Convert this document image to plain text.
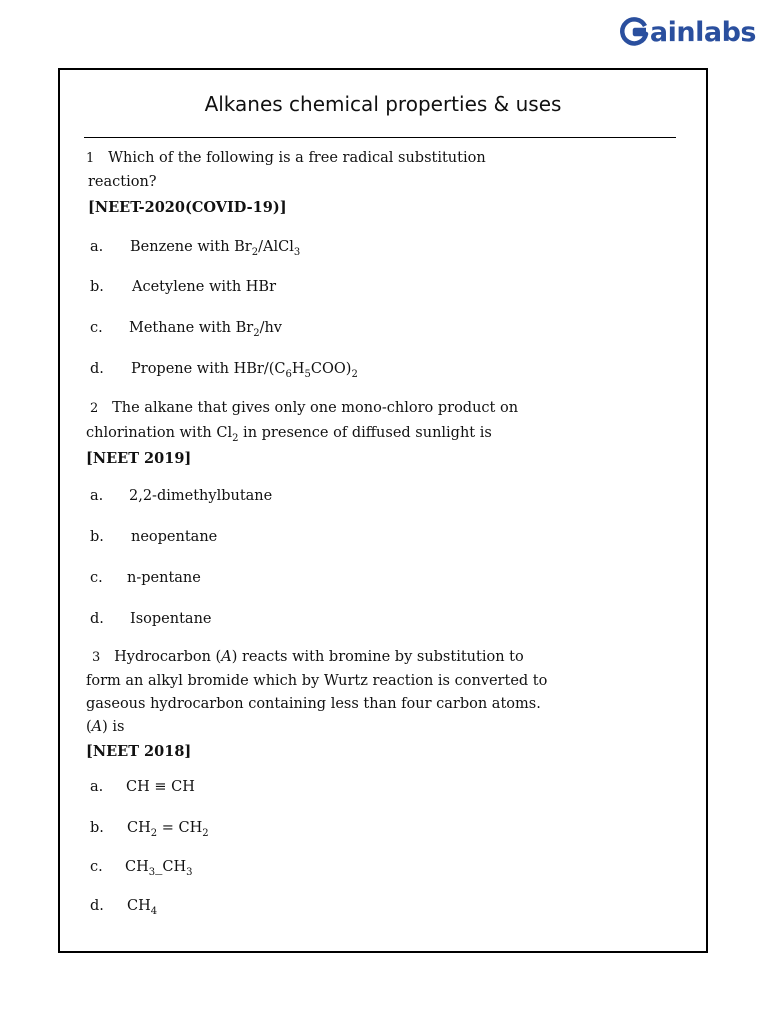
ainlabs
Alkanes chemical properties & uses
1 Which of the following is a free radical substitution
reaction?
[NEET-2020(COVID-19)]
a. Benzene with $Br_2/AlCl_3$
b. Acetylene with HBr
c. Methane with $Br_2/hv$
d. Propene with HBr/$(C_6H_5COO)_2$
2 The alkane that gives only one mono-chloro product on
chlorination with $Cl_2$ in presence of diffused sunlight is
[NEET 2019]
a. 2,2-dimethylbutane
b. neopentane
c. n-pentane
d. Isopentane
3 Hydrocarbon (A) reacts with bromine by substitution to
form an alkyl bromide which by Wurtz reaction is converted to
gaseous hydrocarbon containing less than four carbon atoms.
(A) is
[NEET 2018]
a. CH ≡ CH
b. $CH_2 = CH_2$
c. $CH_3\_CH_3$
d. $CH_4$
